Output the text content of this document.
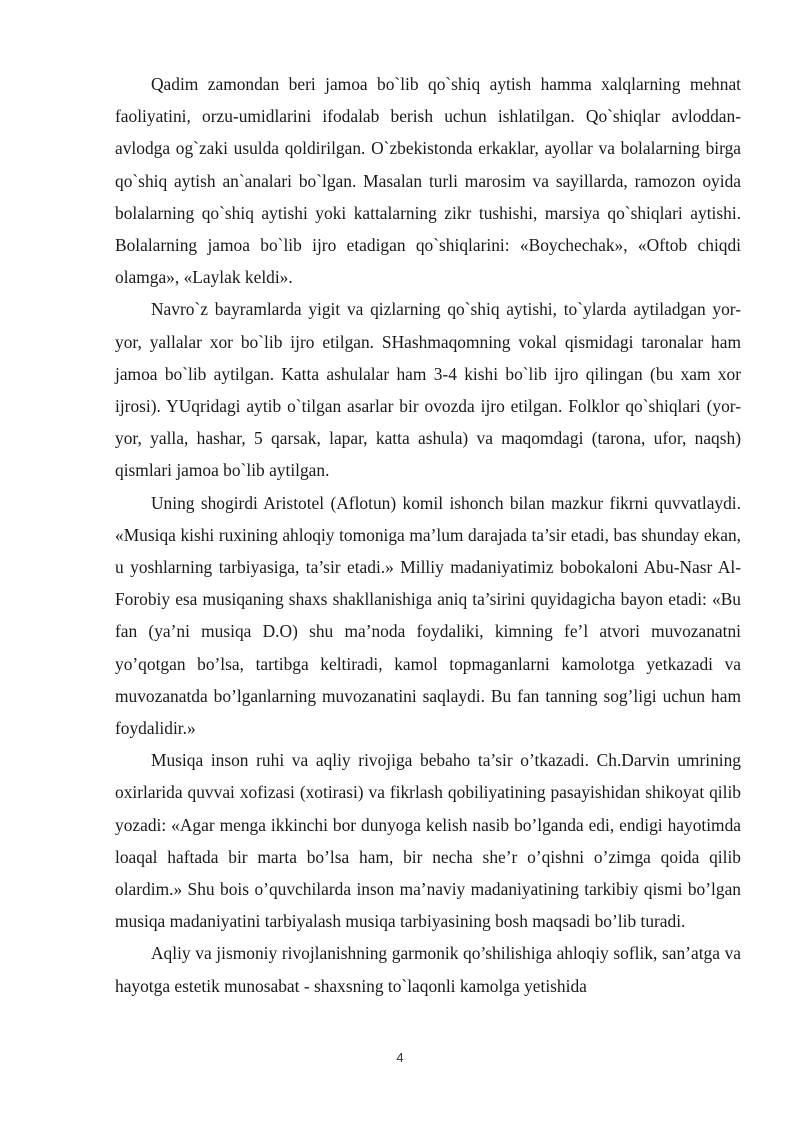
Qadim zamondan beri jamoa bo`lib qo`shiq aytish hamma xalqlarning mehnat faoliyatini, orzu-umidlarini ifodalab berish uchun ishlatilgan. Qo`shiqlar avloddan-avlodga og`zaki usulda qoldirilgan. O`zbekistonda erkaklar, ayollar va bolalarning birga qo`shiq aytish an`analari bo`lgan. Masalan turli marosim va sayillarda, ramozon oyida bolalarning qo`shiq aytishi yoki kattalarning zikr tushishi, marsiya qo`shiqlari aytishi. Bolalarning jamoa bo`lib ijro etadigan qo`shiqlarini: «Boychechak», «Oftob chiqdi olamga», «Laylak keldi».

Navro`z bayramlarda yigit va qizlarning qo`shiq aytishi, to`ylarda aytiladgan yor-yor, yallalar xor bo`lib ijro etilgan. SHashmaqomning vokal qismidagi taronalar ham jamoa bo`lib aytilgan. Katta ashulalar ham 3-4 kishi bo`lib ijro qilingan (bu xam xor ijrosi). YUqridagi aytib o`tilgan asarlar bir ovozda ijro etilgan. Folklor qo`shiqlari (yor-yor, yalla, hashar, 5 qarsak, lapar, katta ashula) va maqomdagi (tarona, ufor, naqsh) qismlari jamoa bo`lib aytilgan.

Uning shogirdi Aristotel (Aflotun) komil ishonch bilan mazkur fikrni quvvatlaydi. «Musiqa kishi ruxining ahloqiy tomoniga ma’lum darajada ta’sir etadi, bas shunday ekan, u yoshlarning tarbiyasiga, ta’sir etadi.» Milliy madaniyatimiz bobokaloni Abu-Nasr Al-Forobiy esa musiqaning shaxs shakllanishiga aniq ta’sirini quyidagicha bayon etadi: «Bu fan (ya’ni musiqa D.O) shu ma’noda foydaliki, kimning fe’l atvori muvozanatni yo’qotgan bo’lsa, tartibga keltiradi, kamol topmaganlarni kamolotga yetkazadi va muvozanatda bo’lganlarning muvozanatini saqlaydi. Bu fan tanning sog’ligi uchun ham foydalidir.»

Musiqa inson ruhi va aqliy rivojiga bebaho ta’sir o’tkazadi. Ch.Darvin umrining oxirlarida quvvai xofizasi (xotirasi) va fikrlash qobiliyatining pasayishidan shikoyat qilib yozadi: «Agar menga ikkinchi bor dunyoga kelish nasib bo’lganda edi, endigi hayotimda loaqal haftada bir marta bo’lsa ham, bir necha she’r o’qishni o’zimga qoida qilib olardim.» Shu bois o’quvchilarda inson ma’naviy madaniyatining tarkibiy qismi bo’lgan musiqa madaniyatini tarbiyalash musiqa tarbiyasining bosh maqsadi bo’lib turadi.

Aqliy va jismoniy rivojlanishning garmonik qo’shilishiga ahloqiy soflik, san’atga va hayotga estetik munosabat - shaxsning to`laqonli kamolga yetishida

4
